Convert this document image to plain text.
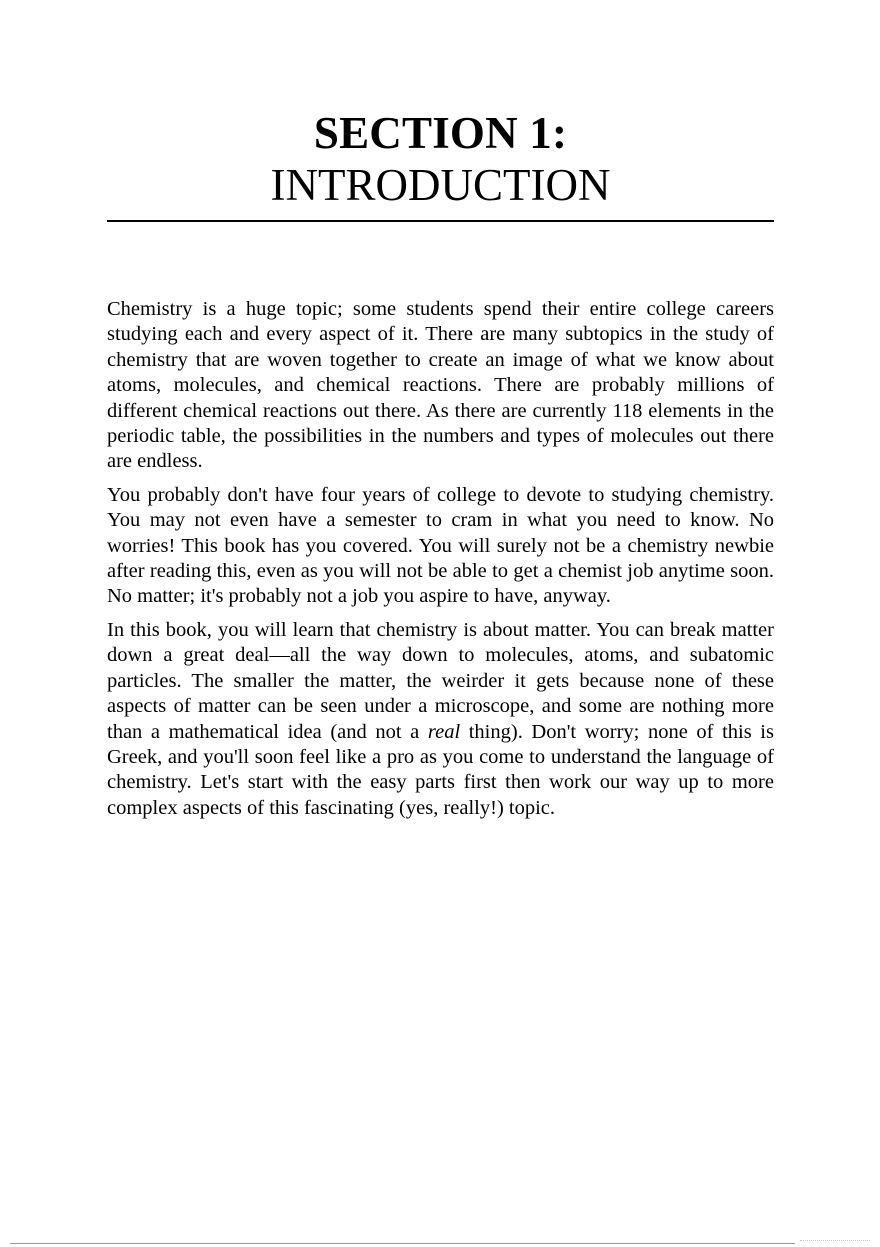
SECTION 1:
INTRODUCTION

Chemistry is a huge topic; some students spend their entire college careers studying each and every aspect of it. There are many subtopics in the study of chemistry that are woven together to create an image of what we know about atoms, molecules, and chemical reactions. There are probably millions of different chemical reactions out there. As there are currently 118 elements in the periodic table, the possibilities in the numbers and types of molecules out there are endless.

You probably don't have four years of college to devote to studying chemistry. You may not even have a semester to cram in what you need to know. No worries! This book has you covered. You will surely not be a chemistry newbie after reading this, even as you will not be able to get a chemist job anytime soon. No matter; it's probably not a job you aspire to have, anyway.

In this book, you will learn that chemistry is about matter. You can break matter down a great deal—all the way down to molecules, atoms, and subatomic particles. The smaller the matter, the weirder it gets because none of these aspects of matter can be seen under a microscope, and some are nothing more than a mathematical idea (and not a real thing). Don't worry; none of this is Greek, and you'll soon feel like a pro as you come to understand the language of chemistry. Let's start with the easy parts first then work our way up to more complex aspects of this fascinating (yes, really!) topic.
